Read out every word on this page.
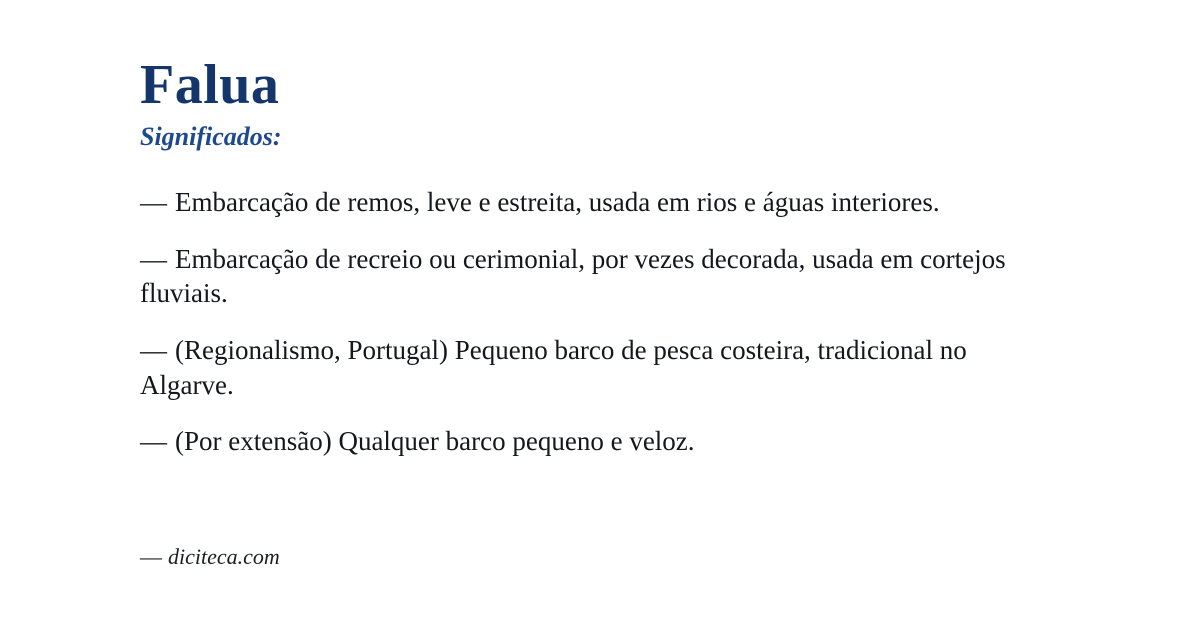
Falua
Significados:

— Embarcação de remos, leve e estreita, usada em rios e águas interiores.

— Embarcação de recreio ou cerimonial, por vezes decorada, usada em cortejos fluviais.

— (Regionalismo, Portugal) Pequeno barco de pesca costeira, tradicional no Algarve.

— (Por extensão) Qualquer barco pequeno e veloz.

— diciteca.com
